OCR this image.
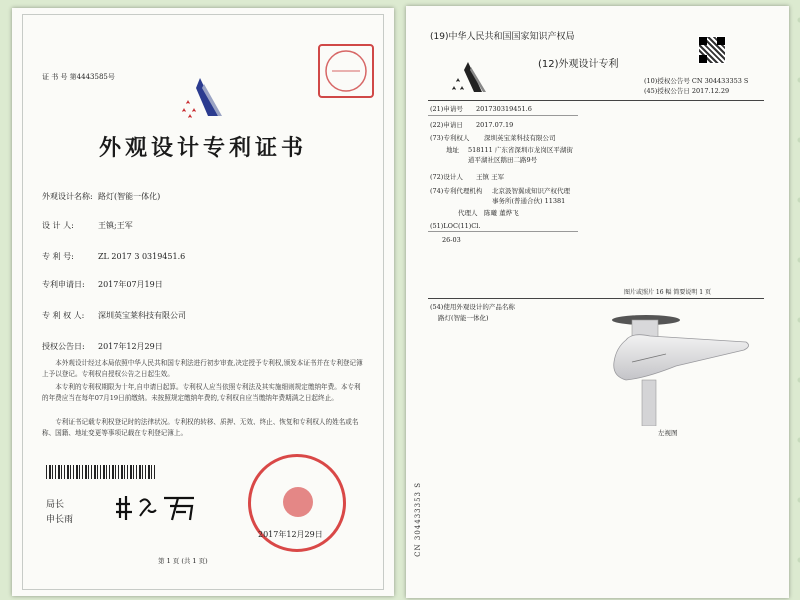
证 书 号 第4443585号
外观设计专利证书
外观设计名称: 路灯(智能一体化)
设 计 人:	王镇;王军
专 利 号:	ZL 2017 3 0319451.6
专利申请日: 2017年07月19日
专 利 权 人: 深圳英宝莱科技有限公司
授权公告日: 2017年12月29日
本外观设计经过本局依照中华人民共和国专利法进行初步审查,决定授予专利权,颁发本证书并在专利登记簿上予以登记。专利权自授权公告之日起生效。
本专利的专利权期限为十年,自申请日起算。专利权人应当依照专利法及其实施细则规定缴纳年费。本专利的年费应当在每年07月19日前缴纳。未按照规定缴纳年费的,专利权自应当缴纳年费期满之日起终止。
专利证书记载专利权登记时的法律状况。专利权的转移、质押、无效、终止、恢复和专利权人的姓名或名称、国籍、地址变更等事项记载在专利登记簿上。
局长
申长雨
2017年12月29日
第 1 页 (共 1 页)
(19)中华人民共和国国家知识产权局
(12)外观设计专利
(10)授权公告号 CN 304433353 S
(45)授权公告日 2017.12.29
(21)申请号 201730319451.6
(22)申请日 2017.07.19
(73)专利权人 深圳英宝莱科技有限公司
地址 518111 广东省深圳市龙岗区平湖街
道平湖社区鹅田二路9号
(72)设计人 王镇 王军
(74)专利代理机构 北京汲智翼成知识产权代理
事务所(普通合伙) 11381
代理人 陈曦 董烨飞
(51)LOC(11)Cl.
26-03
图片或照片 16 幅 简要说明 1 页
(54)使用外观设计的产品名称
路灯(智能一体化)
左视图
CN 304433353 S
